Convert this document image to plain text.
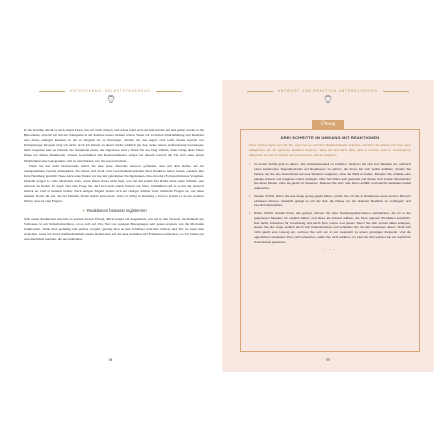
ENTDECKUNG: SELBSTSTEUERUNG

In der Kantine räucht es nach einem Essen, das wir nicht mögen, und schon leitet sich auf dem Absatz um und gehen wieder in die Büroräume, obwohl wir mit der Salatplatte in der Kantine besser bedient wären. Wenn wir zwischen Wahrnehmung und Reaktion eine Pause einlegen könnten, in der es möglich ist, zu überlegen, würden wir uns sagen: »Ich weiß, diesen Geruch von Königsberger Klopsen mag ich nicht, doch ich könnte an dieser Stelle wirklich gut den, deine innere Aufforderung loszulassen, mich reagieren und sie Einfach die Salatplatte essen, die angeboten wird.« Wenn Sie das klug wählen, dann bringt diese Pause Ihnen bei diesen Reaktionen. Unsere Gewohnheit und Reaktionsmuster zeigen bei diesem Geruch die Tür statt einer neuen Möglichkeit eine Gelegenheit, sich zu entscheiden, wie Sie essen möchten.

Wenn Sie das nicht beantworten, haben Sie eine neue, sinnvolle Antwort gefunden, dass mit dem Reflex auf der unangenehmen Geruch umzugehen. Sie haben sich nicht vom Gewohnheitsverhalten Ihrer Reaktion leiten lassen, sondern ihre freie Handlung gewählt. Neue Antworten finden wir nur mit gefestigten Nachgedenken. Das erfordert Fortgeschrittenes Vorgehen. Deshalb neigen so viele Menschen dazu, wenn Ihnen etwas nicht liegt, was Sie mit jedem Ein Rabbi bittet seine Schüler, sein Antwort zu finden. Er sagte: Wer eine Frage hat, darf sich nach einem Schwur zur Seite. Schließlich ruft er es mit der Antwort zurück an. Und er hundert Dollar. Nach einigen Zögern dachte sich ein riesiger Schüler zwei wirkliche Fragen zu, wie diese hundert Dollar für das. Sie der Hundert Dollar Rabbi antwortete: »Das ist völlig in Ordnung.« Und so spricht er an ein weiterer Dollar, dass ist eine Frage?«

➜ Reaktionen bewusst registrieren

Sich seiner Reaktionen bewusst zu werden fordert Übung. Mich ertappt ein Augenblick, wie ich in den Versuch, im Dunkeln des Schlosses, in ein Sicherheitsschloss, ob es sich auf. Ein, Nur von wenigen Bewegungen sehr genau ertasten, wie die Mechanik funktioniert. Wenn man geduldig und präzise vorgeht, gelangt man an den Schlüssel zwischen Schloss und Tür. So kann man erreichen, wenn wir durch Aufmerksamkeit unsere Reaktionen auf die Spur kommen und Freiheiten entdecken, wo wir bisher nur Automatismen kannten, die uns festhalten.

98
ANTWORT UND REAKTION UNTERSCHEIDEN
Übung
DREI SCHRITTE IM UMGANG MIT REAKTIONEN
Diese Übung eignet sich für Sie, wenn Sie an sich Ihre Reaktionsmuster erkennen möchten. Sie können mit einer ganz alltäglichen, für Sie typischen Reaktion beginnen. Wenn Sie sich darin üben, fällt es leichter, auch in schwierigeren Momenten bei sich zu bleiben und zu antworten, statt zu reagieren.
▸ Im ersten Schritt geht es darum, Ihre Aufmerksamkeit zu schärfen. Nehmen Sie sich zum Beispiel vor, während eines bestimmten Tagesabschnitts auf Reaktionen zu achten, die Ihnen bei sich selbst auffallen. Finden Sie heraus, wo Sie aus Gewohnheit auf eine Situation reagieren, ohne die Wahl zu haben. Beispiel: Sie erhalten eine patzige Antwort und reagieren sofort verärgert. Oder Sie fühlen sich gekränkt und ziehen sich zurück. Beobachten Sie diese Muster, ohne sie gleich zu bewerten. Notieren Sie sich, was Ihnen auffällt, und welche Gedanken dabei auftauchen.
▸ Zweiter Schritt: Wenn Sie das lange genug geübt haben, prüfen Sie, ob Sie in Reaktionen einen kurzen Moment einbauen können. Vielleicht gelingt es mit der Zeit, die Pause vor der äußeren Reaktion zu verlängern und innerlich abzuwarten.
▸ Dritter Schritt: Sobald Ihnen das gelingt, können Sie über Handlungsalternativen nachdenken, die Ihr in der gegebenen Situation für möglich halten, und diese als Antwort wählen, die Ihren eigenen Prioritäten entspricht. Das heißt, Antworten für zuverlässig und leicht Ihrer Laune und passiv. Wenn Sie sich einmal dabei ertappen, lassen Sie den Ärger einfach durch sich hindurchziehen und schließen Sie mit dem Ausatmen davon. Stellt sich nicht gleich eine Lösung ein, nehmen Sie sich vor, in ein Gespräch zu einem günstigen Zeitpunkt. Und die eigentlichen Gedanken Ihrer nicht erkannten, sollen Sie nicht erklären. Im Lauf der Zeit werden Sie ein Gefühl für Unsicherheit gewinnen.
• • •
99
